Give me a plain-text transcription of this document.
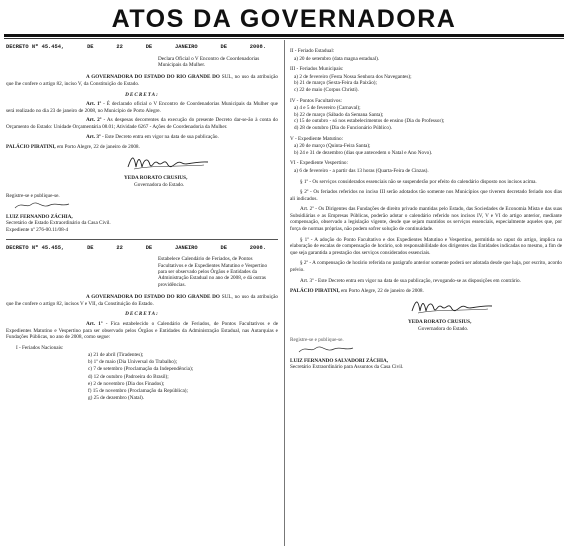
ATOS DA GOVERNADORA
DECRETO Nº 45.454,	DE	22	DE	JANEIRO	DE	2008.

Declara Oficial o V Encontro de Coordenadorias Municipais da Mulher.

A GOVERNADORA DO ESTADO DO RIO GRANDE DO SUL, no uso da atribuição que lhe confere o artigo 82, inciso V, da Constituição do Estado.

DECRETA:

Art. 1º - É declarado oficial o V Encontro de Coordenadorias Municipais da Mulher que será realizado no dia 23 de janeiro de 2008, no Município de Porto Alegre.

Art. 2º - As despesas decorrentes da execução do presente Decreto dar-se-ão à conta do Orçamento do Estado: Unidade Orçamentária 08.01; Atividade 6267 - Ações de Coordenadoria da Mulher.

Art. 3º - Este Decreto entra em vigor na data de sua publicação.

PALÁCIO PIRATINI, em Porto Alegre, 22 de janeiro de 2008.

YEDA RORATO CRUSIUS,
Governadora do Estado.
Registre-se e publique-se.
LUIZ FERNANDO ZÁCHIA,
Secretário de Estado Extraordinário da Casa Civil.
Expediente nº 276-00.11/08-4
DECRETO Nº 45.455,	DE	22	DE	JANEIRO	DE	2008.

Estabelece Calendário de Feriados, de Pontos Facultativos e de Expedientes Matutino e Vespertino para ser observado pelos Órgãos e Entidades da Administração Estadual no ano de 2008, e dá outras providências.

A GOVERNADORA DO ESTADO DO RIO GRANDE DO SUL, no uso da atribuição que lhe confere o artigo 82, incisos V e VII, da Constituição do Estado.

DECRETA:

Art. 1º - Fica estabelecido o Calendário de Feriados, de Pontos Facultativos e de Expedientes Matutino e Vespertino para ser observado pelos Órgãos e Entidades da Administração Estadual, nas Autarquias e Fundações Públicas, no ano de 2008, como segue:

I - Feriados Nacionais:
a) 21 de abril (Tiradentes);
b) 1º de maio (Dia Universal do Trabalho);
c) 7 de setembro (Proclamação da Independência);
d) 12 de outubro (Padroeira do Brasil);
e) 2 de novembro (Dia dos Finados);
f) 15 de novembro (Proclamação da República);
g) 25 de dezembro (Natal).
II - Feriado Estadual:
a) 20 de setembro (data magna estadual).
III - Feriados Municipais:
a) 2 de fevereiro (Festa Nossa Senhora dos Navegantes);
b) 21 de março (Sexta-Feira da Paixão);
c) 22 de maio (Corpus Christi).
IV - Pontos Facultativos:
a) 4 e 5 de fevereiro (Carnaval);
b) 22 de março (Sábado da Semana Santa);
c) 15 de outubro - só nos estabelecimentos de ensino (Dia do Professor);
d) 28 de outubro (Dia do Funcionário Público).
V - Expediente Matutino:
a) 20 de março (Quinta-Feira Santa);
b) 24 e 31 de dezembro (dias que antecedem o Natal e Ano Novo).
VI - Expediente Vespertino:
a) 6 de fevereiro - a partir das 13 horas (Quarta-Feira de Cinzas).

§ 1º - Os serviços considerados essenciais não se suspenderão por efeito do calendário disposto nos incisos acima.

§ 2º - Os feriados referidos no inciso III serão adotados tão somente nos Municípios que tiverem decretado feriado nos dias ali indicados.

Art. 2º - Os Dirigentes das Fundações de direito privado mantidas pelo Estado, das Sociedades de Economia Mista e das suas Subsidiárias e as Empresas Públicas, poderão adotar o calendário referido nos incisos IV, V e VI do artigo anterior, mediante compensação, observado a legislação vigente, desde que sejam mantidos os serviços essenciais, especialmente aqueles que, por força de normas próprias, não podem sofrer solução de continuidade.

§ 1º - A adoção do Ponto Facultativo e dos Expedientes Matutino e Vespertino, permitida no caput do artigo, implica na elaboração de escalas de compensação de horário, sob responsabilidade dos dirigentes das Entidades indicadas no mesmo, a fim de que seja garantida a prestação dos serviços considerados essenciais.

§ 2º - A compensação de horário referida no parágrafo anterior somente poderá ser adotada desde que haja, por escrito, acordo prévio.

Art. 3º - Este Decreto entra em vigor na data de sua publicação, revogando-se as disposições em contrário.

PALÁCIO PIRATINI, em Porto Alegre, 22 de janeiro de 2008.

YEDA RORATO CRUSIUS,
Governadora do Estado.
Registre-se e publique-se.
LUIZ FERNANDO SALVADORI ZÁCHIA,
Secretário Extraordinário para Assuntos da Casa Civil.
